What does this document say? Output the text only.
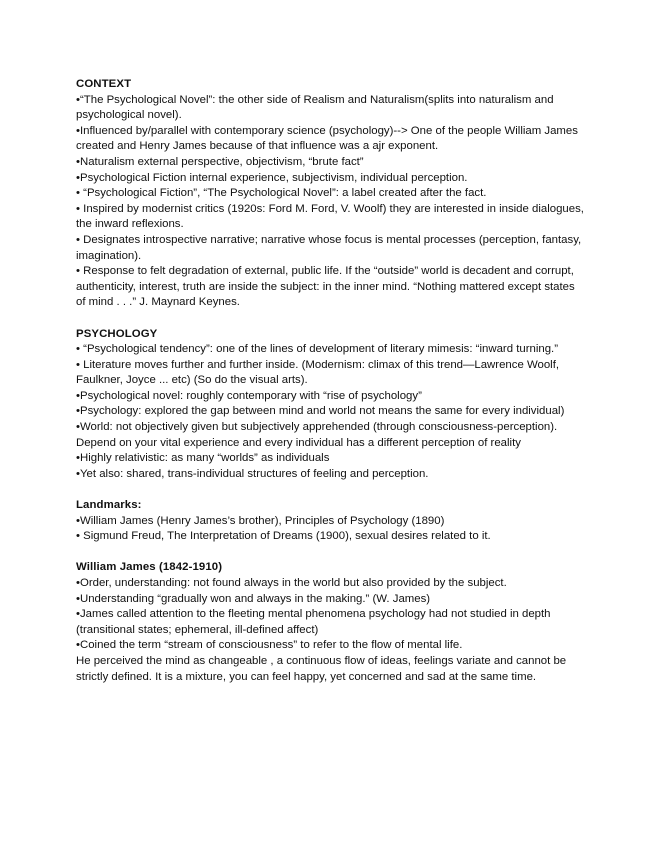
CONTEXT

•“The Psychological Novel”: the other side of Realism and Naturalism(splits into naturalism and psychological novel).

•Influenced by/parallel with contemporary science (psychology)--> One of the people William James created and Henry James because of that influence was a ajr exponent.

•Naturalism external perspective, objectivism, “brute fact”

•Psychological Fiction internal experience, subjectivism, individual perception.

• “Psychological Fiction”, “The Psychological Novel”: a label created after the fact.

• Inspired by modernist critics (1920s: Ford M. Ford, V. Woolf) they are interested in inside dialogues, the inward reflexions.

• Designates introspective narrative; narrative whose focus is mental processes (perception, fantasy, imagination).

• Response to felt degradation of external, public life. If the “outside” world is decadent and corrupt, authenticity, interest, truth are inside the subject: in the inner mind. “Nothing mattered except states of mind . . .” J. Maynard Keynes.

PSYCHOLOGY

• “Psychological tendency”: one of the lines of development of literary mimesis: “inward turning.”

• Literature moves further and further inside. (Modernism: climax of this trend—Lawrence Woolf, Faulkner, Joyce ... etc) (So do the visual arts).

•Psychological novel: roughly contemporary with “rise of psychology”

•Psychology: explored the gap between mind and world not means the same for every individual)

•World: not objectively given but subjectively apprehended (through consciousness-perception). Depend on your vital experience and every individual has a different perception of reality

•Highly relativistic: as many “worlds” as individuals

•Yet also: shared, trans-individual structures of feeling and perception.

Landmarks:

•William James (Henry James’s brother), Principles of Psychology (1890)

• Sigmund Freud, The Interpretation of Dreams (1900), sexual desires related to it.

William James (1842-1910)

•Order, understanding: not found always in the world but also provided by the subject.

•Understanding “gradually won and always in the making.” (W. James)

•James called attention to the fleeting mental phenomena psychology had not studied in depth (transitional states; ephemeral, ill-defined affect)

•Coined the term “stream of consciousness” to refer to the flow of mental life.

He perceived the mind as changeable , a continuous flow of ideas, feelings variate and cannot be strictly defined. It is a mixture, you can feel happy, yet concerned and sad at the same time.
